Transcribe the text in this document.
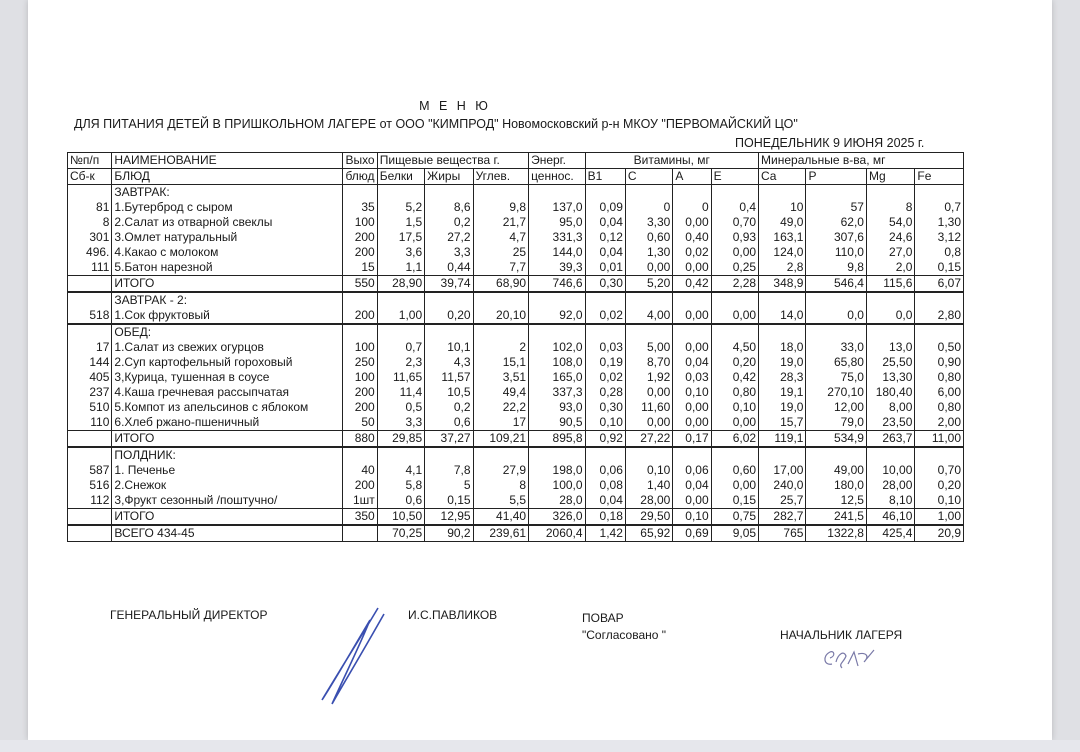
М Е Н Ю
ДЛЯ ПИТАНИЯ ДЕТЕЙ В ПРИШКОЛЬНОМ ЛАГЕРЕ от ООО "КИМПРОД" Новомосковский р-н МКОУ "ПЕРВОМАЙСКИЙ ЦО"
ПОНЕДЕЛЬНИК 9 ИЮНЯ 2025 г.
№п/п	НАИМЕНОВАНИЕ	Выхо	Пищевые вещества г.			Энерг.	Витамины, мг				Минеральные в-ва, мг			
Сб-к	БЛЮД	блюд	Белки	Жиры	Углев.	ценнос.	B1	C	A	E	Ca	P	Mg	Fe
	ЗАВТРАК:													
81	1.Бутерброд с сыром	35	5,2	8,6	9,8	137,0	0,09	0	0	0,4	10	57	8	0,7
8	2.Салат из отварной свеклы	100	1,5	0,2	21,7	95,0	0,04	3,30	0,00	0,70	49,0	62,0	54,0	1,30
301	3.Омлет натуральный	200	17,5	27,2	4,7	331,3	0,12	0,60	0,40	0,93	163,1	307,6	24,6	3,12
496.	4.Какао с молоком	200	3,6	3,3	25	144,0	0,04	1,30	0,02	0,00	124,0	110,0	27,0	0,8
111	5.Батон нарезной	15	1,1	0,44	7,7	39,3	0,01	0,00	0,00	0,25	2,8	9,8	2,0	0,15
	ИТОГО	550	28,90	39,74	68,90	746,6	0,30	5,20	0,42	2,28	348,9	546,4	115,6	6,07
	ЗАВТРАК - 2:													
518	1.Сок фруктовый	200	1,00	0,20	20,10	92,0	0,02	4,00	0,00	0,00	14,0	0,0	0,0	2,80
	ОБЕД:													
17	1.Салат из свежих огурцов	100	0,7	10,1	2	102,0	0,03	5,00	0,00	4,50	18,0	33,0	13,0	0,50
144	2.Суп картофельный гороховый	250	2,3	4,3	15,1	108,0	0,19	8,70	0,04	0,20	19,0	65,80	25,50	0,90
405	3,Курица, тушенная в соусе	100	11,65	11,57	3,51	165,0	0,02	1,92	0,03	0,42	28,3	75,0	13,30	0,80
237	4.Каша гречневая рассыпчатая	200	11,4	10,5	49,4	337,3	0,28	0,00	0,10	0,80	19,1	270,10	180,40	6,00
510	5.Компот из апельсинов с яблоком	200	0,5	0,2	22,2	93,0	0,30	11,60	0,00	0,10	19,0	12,00	8,00	0,80
110	6.Хлеб ржано-пшеничный	50	3,3	0,6	17	90,5	0,10	0,00	0,00	0,00	15,7	79,0	23,50	2,00
	ИТОГО	880	29,85	37,27	109,21	895,8	0,92	27,22	0,17	6,02	119,1	534,9	263,7	11,00
	ПОЛДНИК:													
587	1. Печенье	40	4,1	7,8	27,9	198,0	0,06	0,10	0,06	0,60	17,00	49,00	10,00	0,70
516	2.Снежок	200	5,8	5	8	100,0	0,08	1,40	0,04	0,00	240,0	180,0	28,00	0,20
112	3,Фрукт сезонный /поштучно/	1шт	0,6	0,15	5,5	28,0	0,04	28,00	0,00	0,15	25,7	12,5	8,10	0,10
	ИТОГО	350	10,50	12,95	41,40	326,0	0,18	29,50	0,10	0,75	282,7	241,5	46,10	1,00
	ВСЕГО 434-45		70,25	90,2	239,61	2060,4	1,42	65,92	0,69	9,05	765	1322,8	425,4	20,9
ГЕНЕРАЛЬНЫЙ ДИРЕКТОР	И.С.ПАВЛИКОВ	ПОВАР
"Согласовано "	НАЧАЛЬНИК ЛАГЕРЯ
